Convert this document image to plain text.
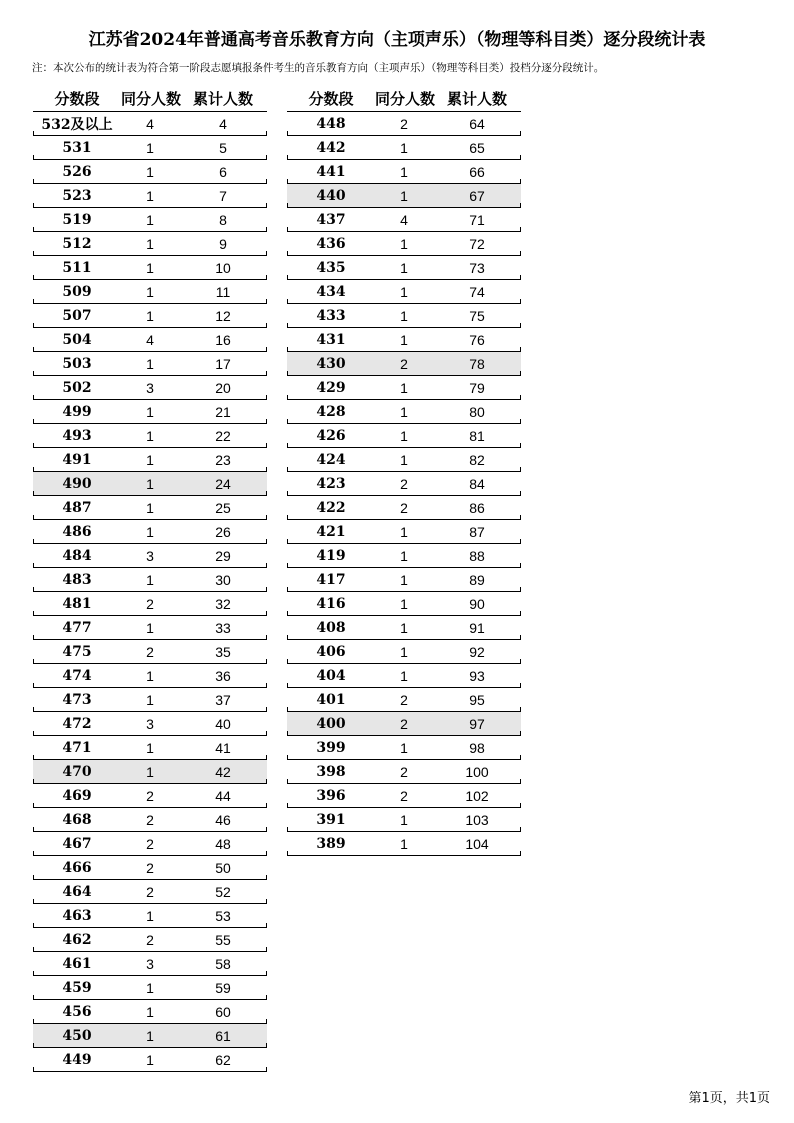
江苏省2024年普通高考音乐教育方向（主项声乐）（物理等科目类）逐分段统计表
注：本次公布的统计表为符合第一阶段志愿填报条件考生的音乐教育方向（主项声乐）（物理等科目类）投档分逐分段统计。
分数段	同分人数 累计人数
532及以上	4	4
531	1	5
526	1	6
523	1	7
519	1	8
512	1	9
511	1	10
509	1	11
507	1	12
504	4	16
503	1	17
502	3	20
499	1	21
493	1	22
491	1	23
490	1	24
487	1	25
486	1	26
484	3	29
483	1	30
481	2	32
477	1	33
475	2	35
474	1	36
473	1	37
472	3	40
471	1	41
470	1	42
469	2	44
468	2	46
467	2	48
466	2	50
464	2	52
463	1	53
462	2	55
461	3	58
459	1	59
456	1	60
450	1	61
449	1	62
分数段	同分人数 累计人数
448	2	64
442	1	65
441	1	66
440	1	67
437	4	71
436	1	72
435	1	73
434	1	74
433	1	75
431	1	76
430	2	78
429	1	79
428	1	80
426	1	81
424	1	82
423	2	84
422	2	86
421	1	87
419	1	88
417	1	89
416	1	90
408	1	91
406	1	92
404	1	93
401	2	95
400	2	97
399	1	98
398	2	100
396	2	102
391	1	103
389	1	104
第1页，共1页
